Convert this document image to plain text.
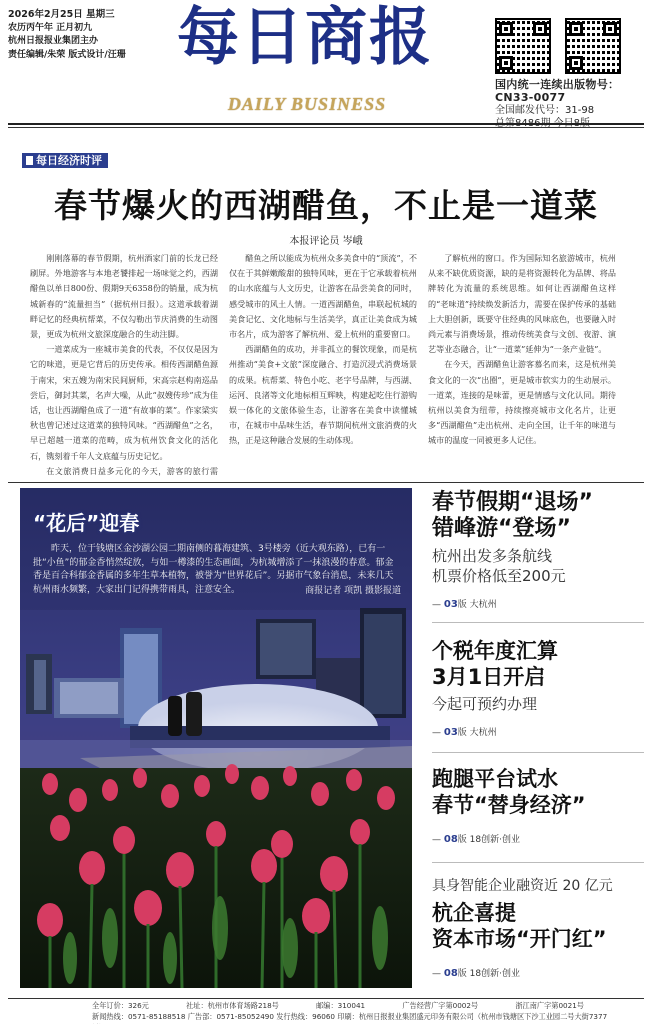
2026年2月25日 星期三
农历丙午年 正月初九
杭州日报报业集团主办
责任编辑/朱荣 版式设计/汪珊 每日商报
DAILY BUSINESS
国内统一连续出版物号：CN33-0077
全国邮发代号：31-98
总第8486期 今日8版
每日经济时评
春节爆火的西湖醋鱼，不止是一道菜
本报评论员 岑峨

刚刚落幕的春节假期，杭州酒家门前的长龙已经刷屏。外地游客与本地老饕排起一场味觉之约，西湖醋鱼以单日800份、假期9天6358份的销量，成为杭城新春的“流量担当”（据杭州日报）。这道承载着湖畔记忆的经典杭帮菜，不仅勾勒出节庆消费的生动图景，更成为杭州文旅深度融合的生动注脚。

一道菜成为一座城市美食的代表，不仅仅是因为它的味道，更是它背后的历史传承。相传西湖醋鱼源于南宋，宋五嫂为南宋民间厨师，宋高宗赵构南巡品尝后，御封其菜，名声大噪，从此“叔嫂传珍”成为佳话，也让西湖醋鱼成了一道“有故事的菜”。作家梁实秋也曾记述过这道菜的独特风味。“西湖醋鱼”之名，早已超越一道菜的范畴，成为杭州饮食文化的活化石，镌刻着千年人文底蕴与历史记忆。

在文旅消费日益多元化的今天，游客的旅行需

醋鱼之所以能成为杭州众多美食中的“顶流”，不仅在于其鲜嫩酸甜的独特风味，更在于它承载着杭州的山水底蕴与人文历史，让游客在品尝美食的同时，感受城市的风土人情。一道西湖醋鱼，串联起杭城的美食记忆、文化地标与生活美学，真正让美食成为城市名片，成为游客了解杭州、爱上杭州的重要窗口。

西湖醋鱼的成功，并非孤立的餐饮现象，而是杭州推动“美食+文旅”深度融合、打造沉浸式消费场景的成果。杭帮菜、特色小吃、老字号品牌，与西湖、运河、良渚等文化地标相互辉映，构建起吃住行游购娱一体化的文旅体验生态，让游客在美食中读懂城市，在城市中品味生活，春节期间杭州文旅消费的火热，正是这种融合发展的生动体现。

了解杭州的窗口。作为国际知名旅游城市，杭州从来不缺优质资源，缺的是将资源转化为品牌、将品牌转化为流量的系统思维。如何让西湖醋鱼这样的“老味道”持续焕发新活力，需要在保护传承的基础上大胆创新，既要守住经典的风味底色，也要融入时尚元素与消费场景，推动传统美食与文创、夜游、演艺等业态融合，让“一道菜”延伸为“一条产业链”。

在今天，西湖醋鱼让游客慕名而来，这是杭州美食文化的一次“出圈”，更是城市软实力的生动展示。一道菜，连接的是味蕾，更是情感与文化认同。期待杭州以美食为纽带，持续擦亮城市文化名片，让更多“西湖醋鱼”走出杭州、走向全国，让千年的味道与城市的温度一同被更多人记住。

“花后”迎春
昨天，位于钱塘区金沙湖公园二期南侧的暮海建筑、3号楼旁（近大观东路），已有一批“小鱼”的郁金香悄然绽放，与如一樽漆的生态画面，为杭城增添了一抹浪漫的春意。郁金香是百合科郁金香属的多年生草本植物，被誉为“世界花后”。另据市气象台消息，未来几天杭州雨水频繁，大家出门记得携带雨具，注意安全。	商报记者 项凯 摄影报道
春节假期“退场”
错峰游“登场”
杭州出发多条航线
机票价格低至200元
— 03版 大杭州
个税年度汇算
3月1日开启
今起可预约办理
— 03版 大杭州
跑腿平台试水
春节“替身经济”
— 08版 18创新·创业
具身智能企业融资近 20 亿元
杭企喜提
资本市场“开门红”
— 08版 18创新·创业
全年订价：326元	社址：杭州市体育场路218号	邮编：310041	广告经营广字第0002号	浙江南广字第0021号
新闻热线：0571-85188518 广告部：0571-85052490 发行热线：96060 印刷：杭州日报报业集团盛元印务有限公司（杭州市钱塘区下沙工业园二号大街7377
